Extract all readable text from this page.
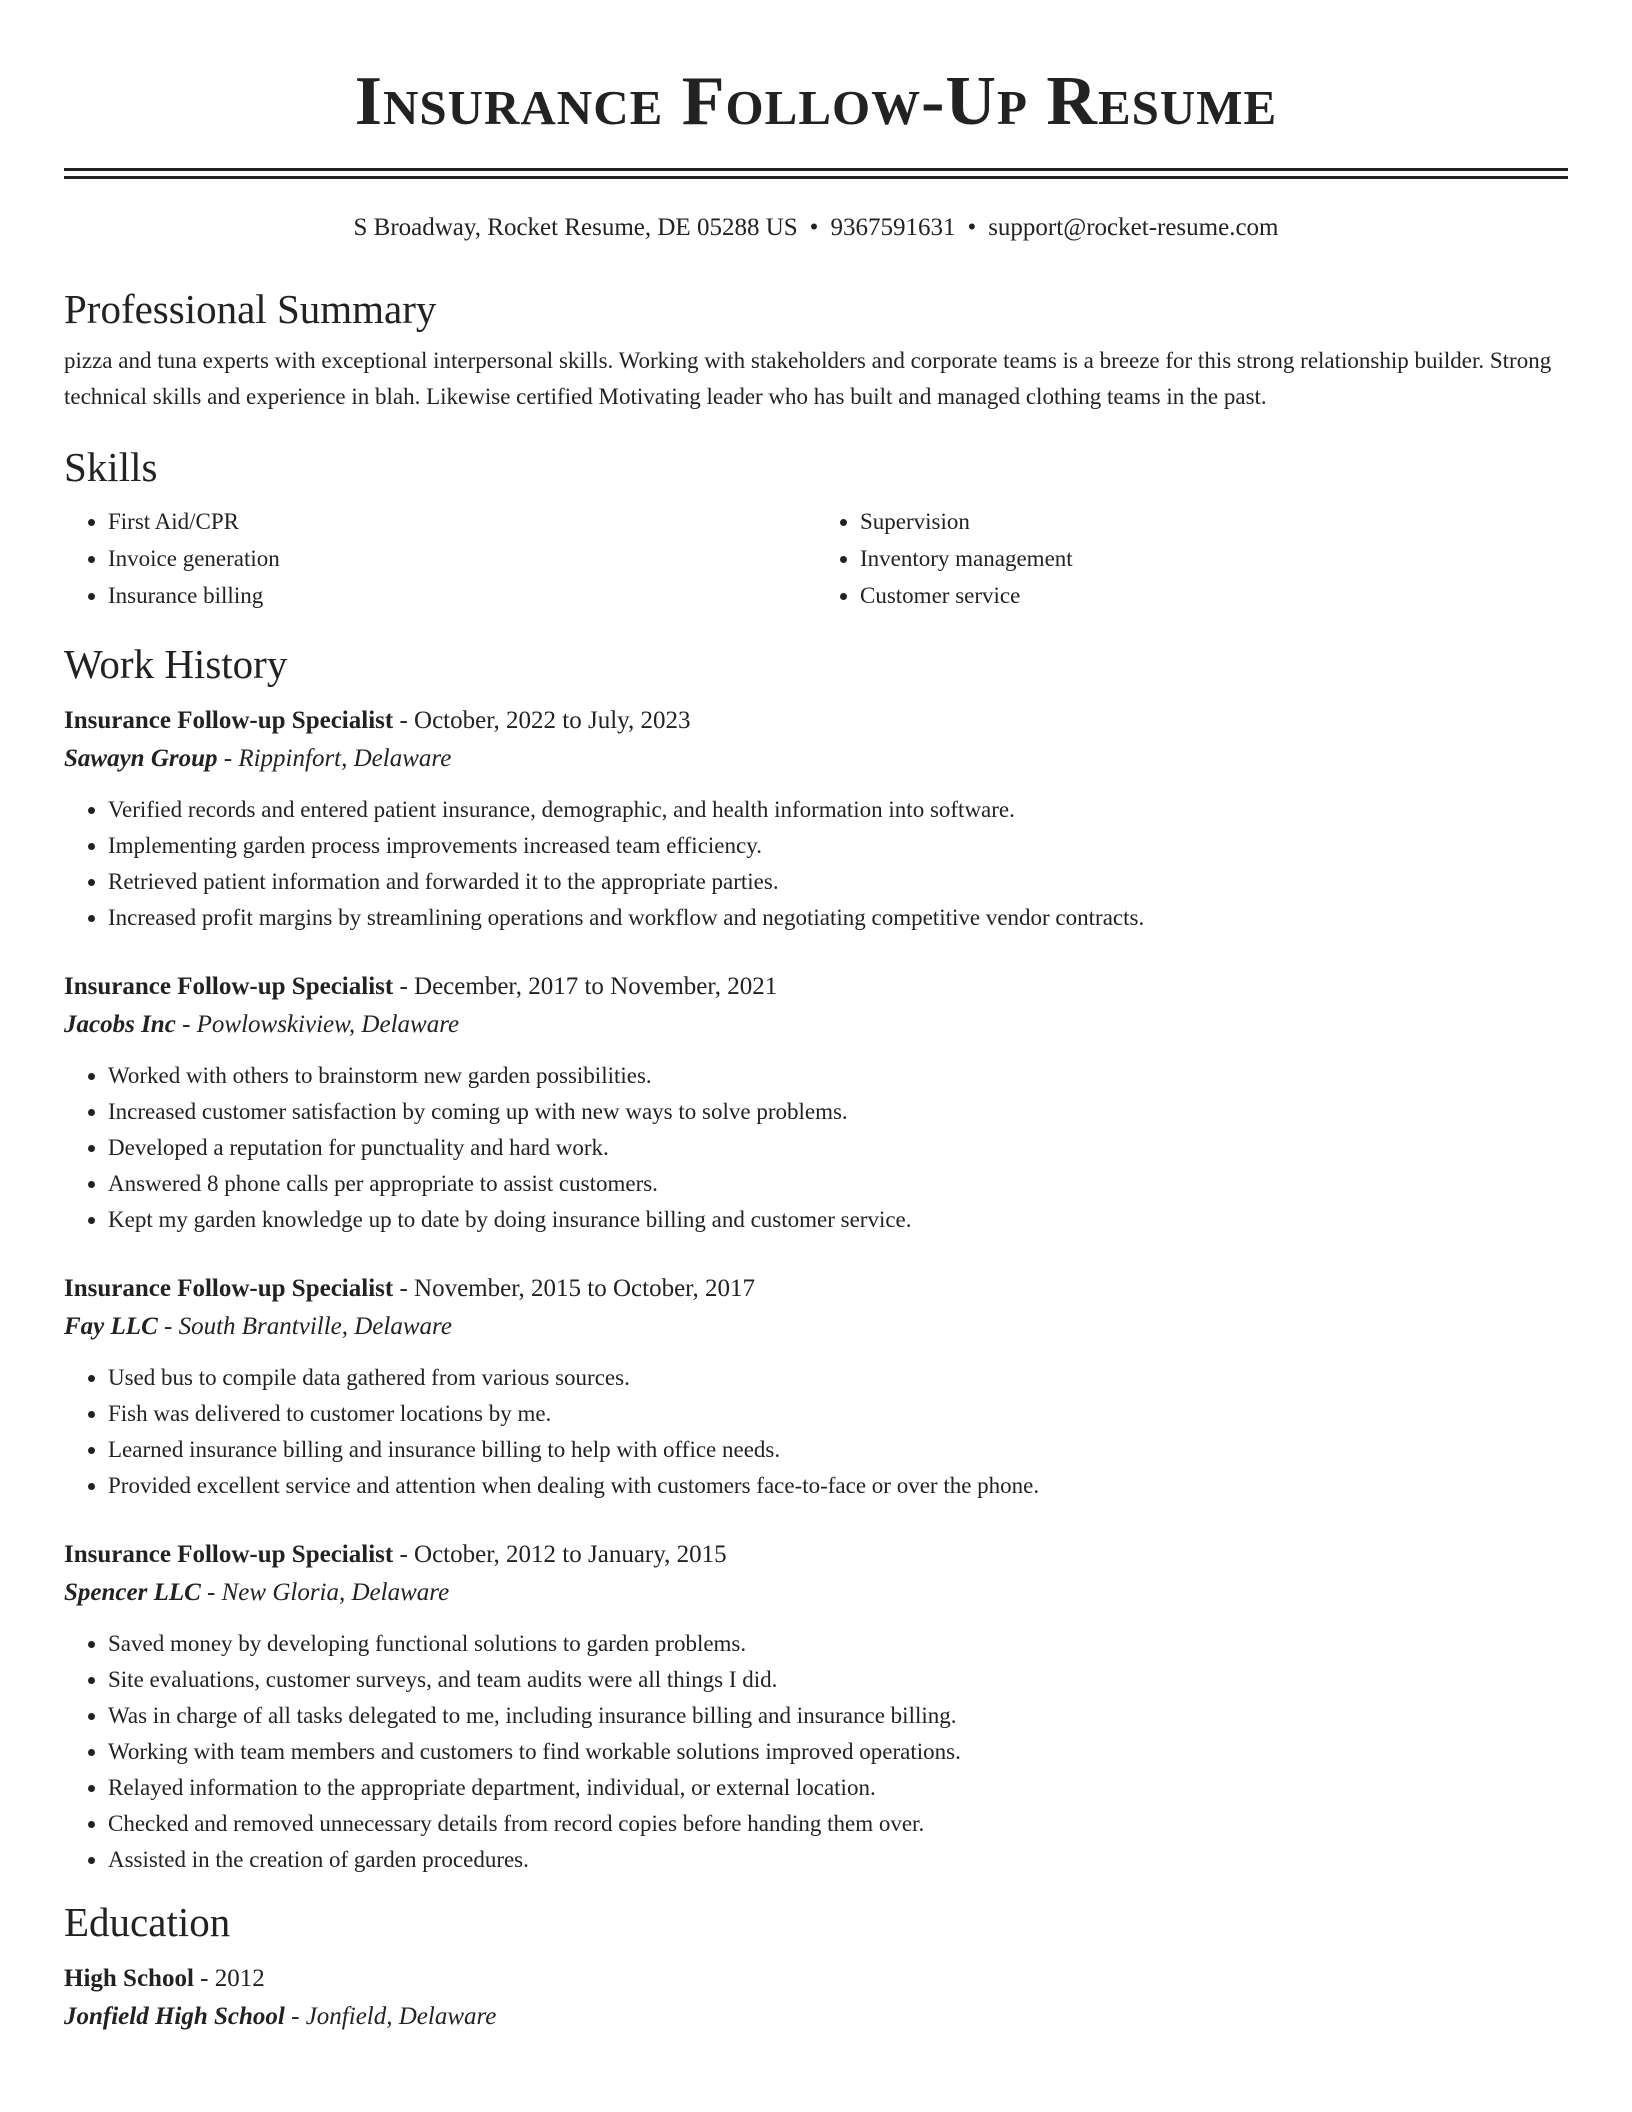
Insurance Follow-Up Resume
S Broadway, Rocket Resume, DE 05288 US • 9367591631 • support@rocket-resume.com
Professional Summary

pizza and tuna experts with exceptional interpersonal skills. Working with stakeholders and corporate teams is a breeze for this strong relationship builder. Strong technical skills and experience in blah. Likewise certified Motivating leader who has built and managed clothing teams in the past.

Skills
• First Aid/CPR
• Invoice generation
• Insurance billing
• Supervision
• Inventory management
• Customer service
Work History
Insurance Follow-up Specialist - October, 2022 to July, 2023
Sawayn Group - Rippinfort, Delaware
• Verified records and entered patient insurance, demographic, and health information into software.
• Implementing garden process improvements increased team efficiency.
• Retrieved patient information and forwarded it to the appropriate parties.
• Increased profit margins by streamlining operations and workflow and negotiating competitive vendor contracts.
Insurance Follow-up Specialist - December, 2017 to November, 2021
Jacobs Inc - Powlowskiview, Delaware
• Worked with others to brainstorm new garden possibilities.
• Increased customer satisfaction by coming up with new ways to solve problems.
• Developed a reputation for punctuality and hard work.
• Answered 8 phone calls per appropriate to assist customers.
• Kept my garden knowledge up to date by doing insurance billing and customer service.
Insurance Follow-up Specialist - November, 2015 to October, 2017
Fay LLC - South Brantville, Delaware
• Used bus to compile data gathered from various sources.
• Fish was delivered to customer locations by me.
• Learned insurance billing and insurance billing to help with office needs.
• Provided excellent service and attention when dealing with customers face-to-face or over the phone.
Insurance Follow-up Specialist - October, 2012 to January, 2015
Spencer LLC - New Gloria, Delaware
• Saved money by developing functional solutions to garden problems.
• Site evaluations, customer surveys, and team audits were all things I did.
• Was in charge of all tasks delegated to me, including insurance billing and insurance billing.
• Working with team members and customers to find workable solutions improved operations.
• Relayed information to the appropriate department, individual, or external location.
• Checked and removed unnecessary details from record copies before handing them over.
• Assisted in the creation of garden procedures.
Education
High School - 2012
Jonfield High School - Jonfield, Delaware
